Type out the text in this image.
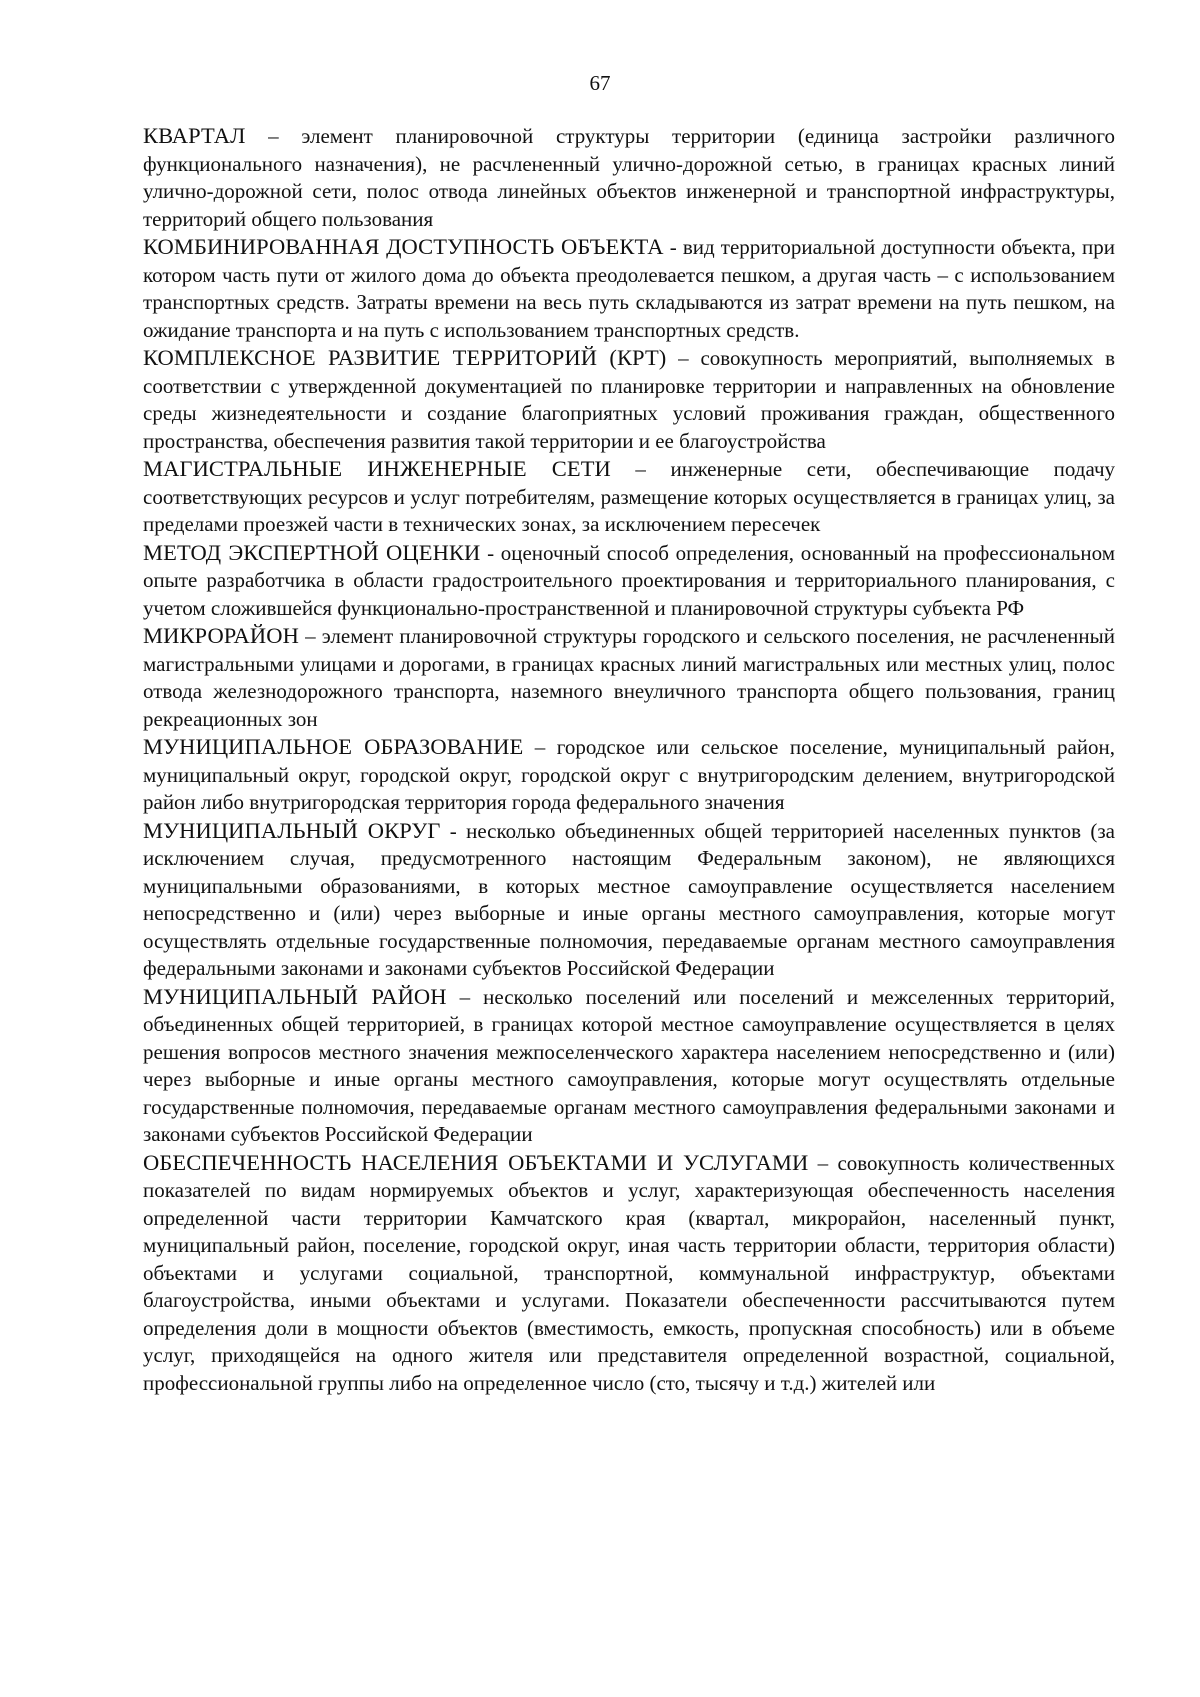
67

КВАРТАЛ – элемент планировочной структуры территории (единица застройки различного функционального назначения), не расчлененный улично-дорожной сетью, в границах красных линий улично-дорожной сети, полос отвода линейных объектов инженерной и транспортной инфраструктуры, территорий общего пользования

КОМБИНИРОВАННАЯ ДОСТУПНОСТЬ ОБЪЕКТА - вид территориальной доступности объекта, при котором часть пути от жилого дома до объекта преодолевается пешком, а другая часть – с использованием транспортных средств. Затраты времени на весь путь складываются из затрат времени на путь пешком, на ожидание транспорта и на путь с использованием транспортных средств.

КОМПЛЕКСНОЕ РАЗВИТИЕ ТЕРРИТОРИЙ (КРТ) – совокупность мероприятий, выполняемых в соответствии с утвержденной документацией по планировке территории и направленных на обновление среды жизнедеятельности и создание благоприятных условий проживания граждан, общественного пространства, обеспечения развития такой территории и ее благоустройства

МАГИСТРАЛЬНЫЕ ИНЖЕНЕРНЫЕ СЕТИ – инженерные сети, обеспечивающие подачу соответствующих ресурсов и услуг потребителям, размещение которых осуществляется в границах улиц, за пределами проезжей части в технических зонах, за исключением пересечек

МЕТОД ЭКСПЕРТНОЙ ОЦЕНКИ - оценочный способ определения, основанный на профессиональном опыте разработчика в области градостроительного проектирования и территориального планирования, с учетом сложившейся функционально-пространственной и планировочной структуры субъекта РФ

МИКРОРАЙОН – элемент планировочной структуры городского и сельского поселения, не расчлененный магистральными улицами и дорогами, в границах красных линий магистральных или местных улиц, полос отвода железнодорожного транспорта, наземного внеуличного транспорта общего пользования, границ рекреационных зон

МУНИЦИПАЛЬНОЕ ОБРАЗОВАНИЕ – городское или сельское поселение, муниципальный район, муниципальный округ, городской округ, городской округ с внутригородским делением, внутригородской район либо внутригородская территория города федерального значения

МУНИЦИПАЛЬНЫЙ ОКРУГ - несколько объединенных общей территорией населенных пунктов (за исключением случая, предусмотренного настоящим Федеральным законом), не являющихся муниципальными образованиями, в которых местное самоуправление осуществляется населением непосредственно и (или) через выборные и иные органы местного самоуправления, которые могут осуществлять отдельные государственные полномочия, передаваемые органам местного самоуправления федеральными законами и законами субъектов Российской Федерации

МУНИЦИПАЛЬНЫЙ РАЙОН – несколько поселений или поселений и межселенных территорий, объединенных общей территорией, в границах которой местное самоуправление осуществляется в целях решения вопросов местного значения межпоселенческого характера населением непосредственно и (или) через выборные и иные органы местного самоуправления, которые могут осуществлять отдельные государственные полномочия, передаваемые органам местного самоуправления федеральными законами и законами субъектов Российской Федерации

ОБЕСПЕЧЕННОСТЬ НАСЕЛЕНИЯ ОБЪЕКТАМИ И УСЛУГАМИ – совокупность количественных показателей по видам нормируемых объектов и услуг, характеризующая обеспеченность населения определенной части территории Камчатского края (квартал, микрорайон, населенный пункт, муниципальный район, поселение, городской округ, иная часть территории области, территория области) объектами и услугами социальной, транспортной, коммунальной инфраструктур, объектами благоустройства, иными объектами и услугами. Показатели обеспеченности рассчитываются путем определения доли в мощности объектов (вместимость, емкость, пропускная способность) или в объеме услуг, приходящейся на одного жителя или представителя определенной возрастной, социальной, профессиональной группы либо на определенное число (сто, тысячу и т.д.) жителей или
